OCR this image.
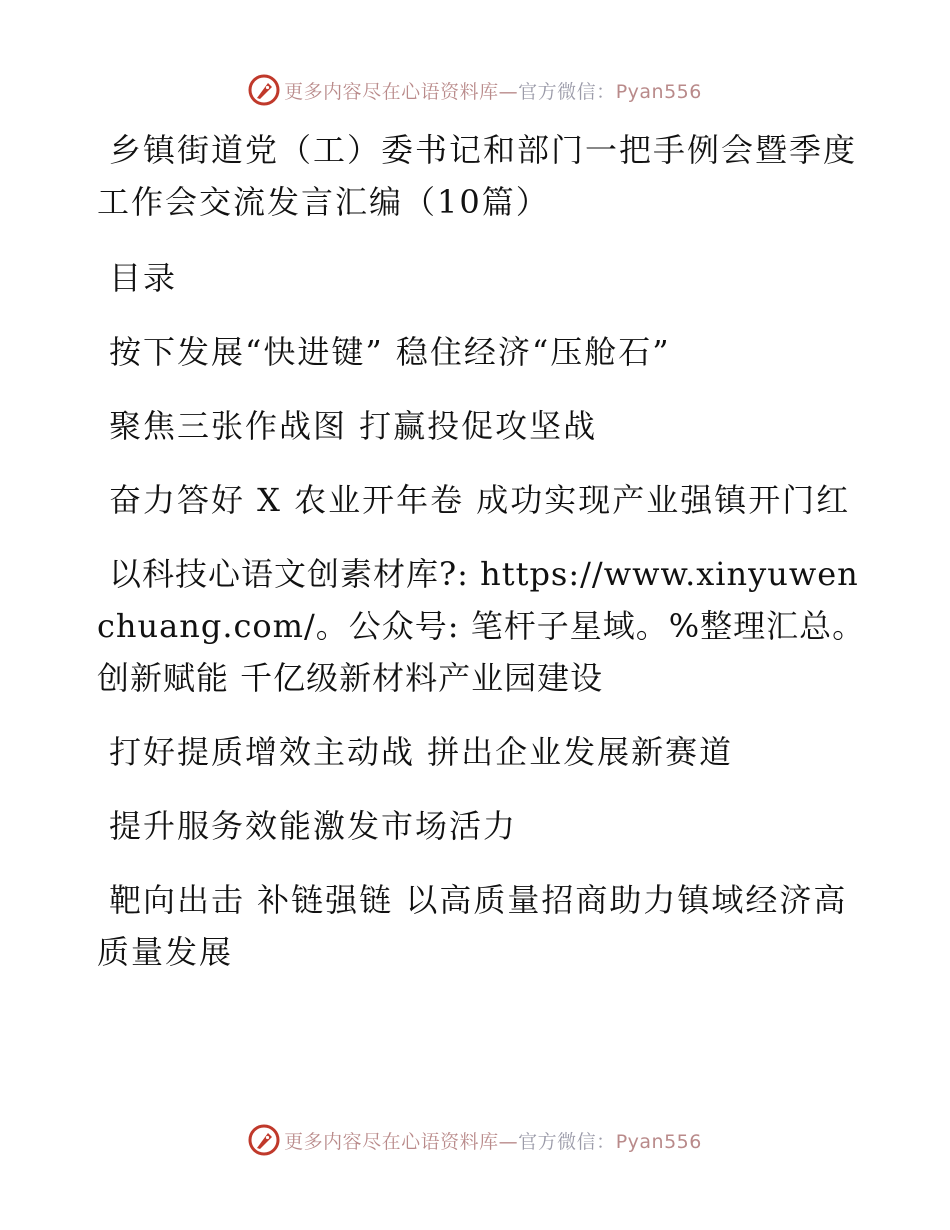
更多内容尽在心语资料库—官方微信：Pyan556

乡镇街道党（工）委书记和部门一把手例会暨季度工作会交流发言汇编（10篇）

目录

按下发展“快进键” 稳住经济“压舱石”

聚焦三张作战图 打赢投促攻坚战

奋力答好 X 农业开年卷 成功实现产业强镇开门红

以科技心语文创素材库?: https://www.xinyuwenchuang.com/。公众号: 笔杆子星域。%整理汇总。创新赋能 千亿级新材料产业园建设

打好提质增效主动战 拼出企业发展新赛道

提升服务效能激发市场活力

靶向出击 补链强链 以高质量招商助力镇域经济高质量发展

更多内容尽在心语资料库—官方微信：Pyan556
